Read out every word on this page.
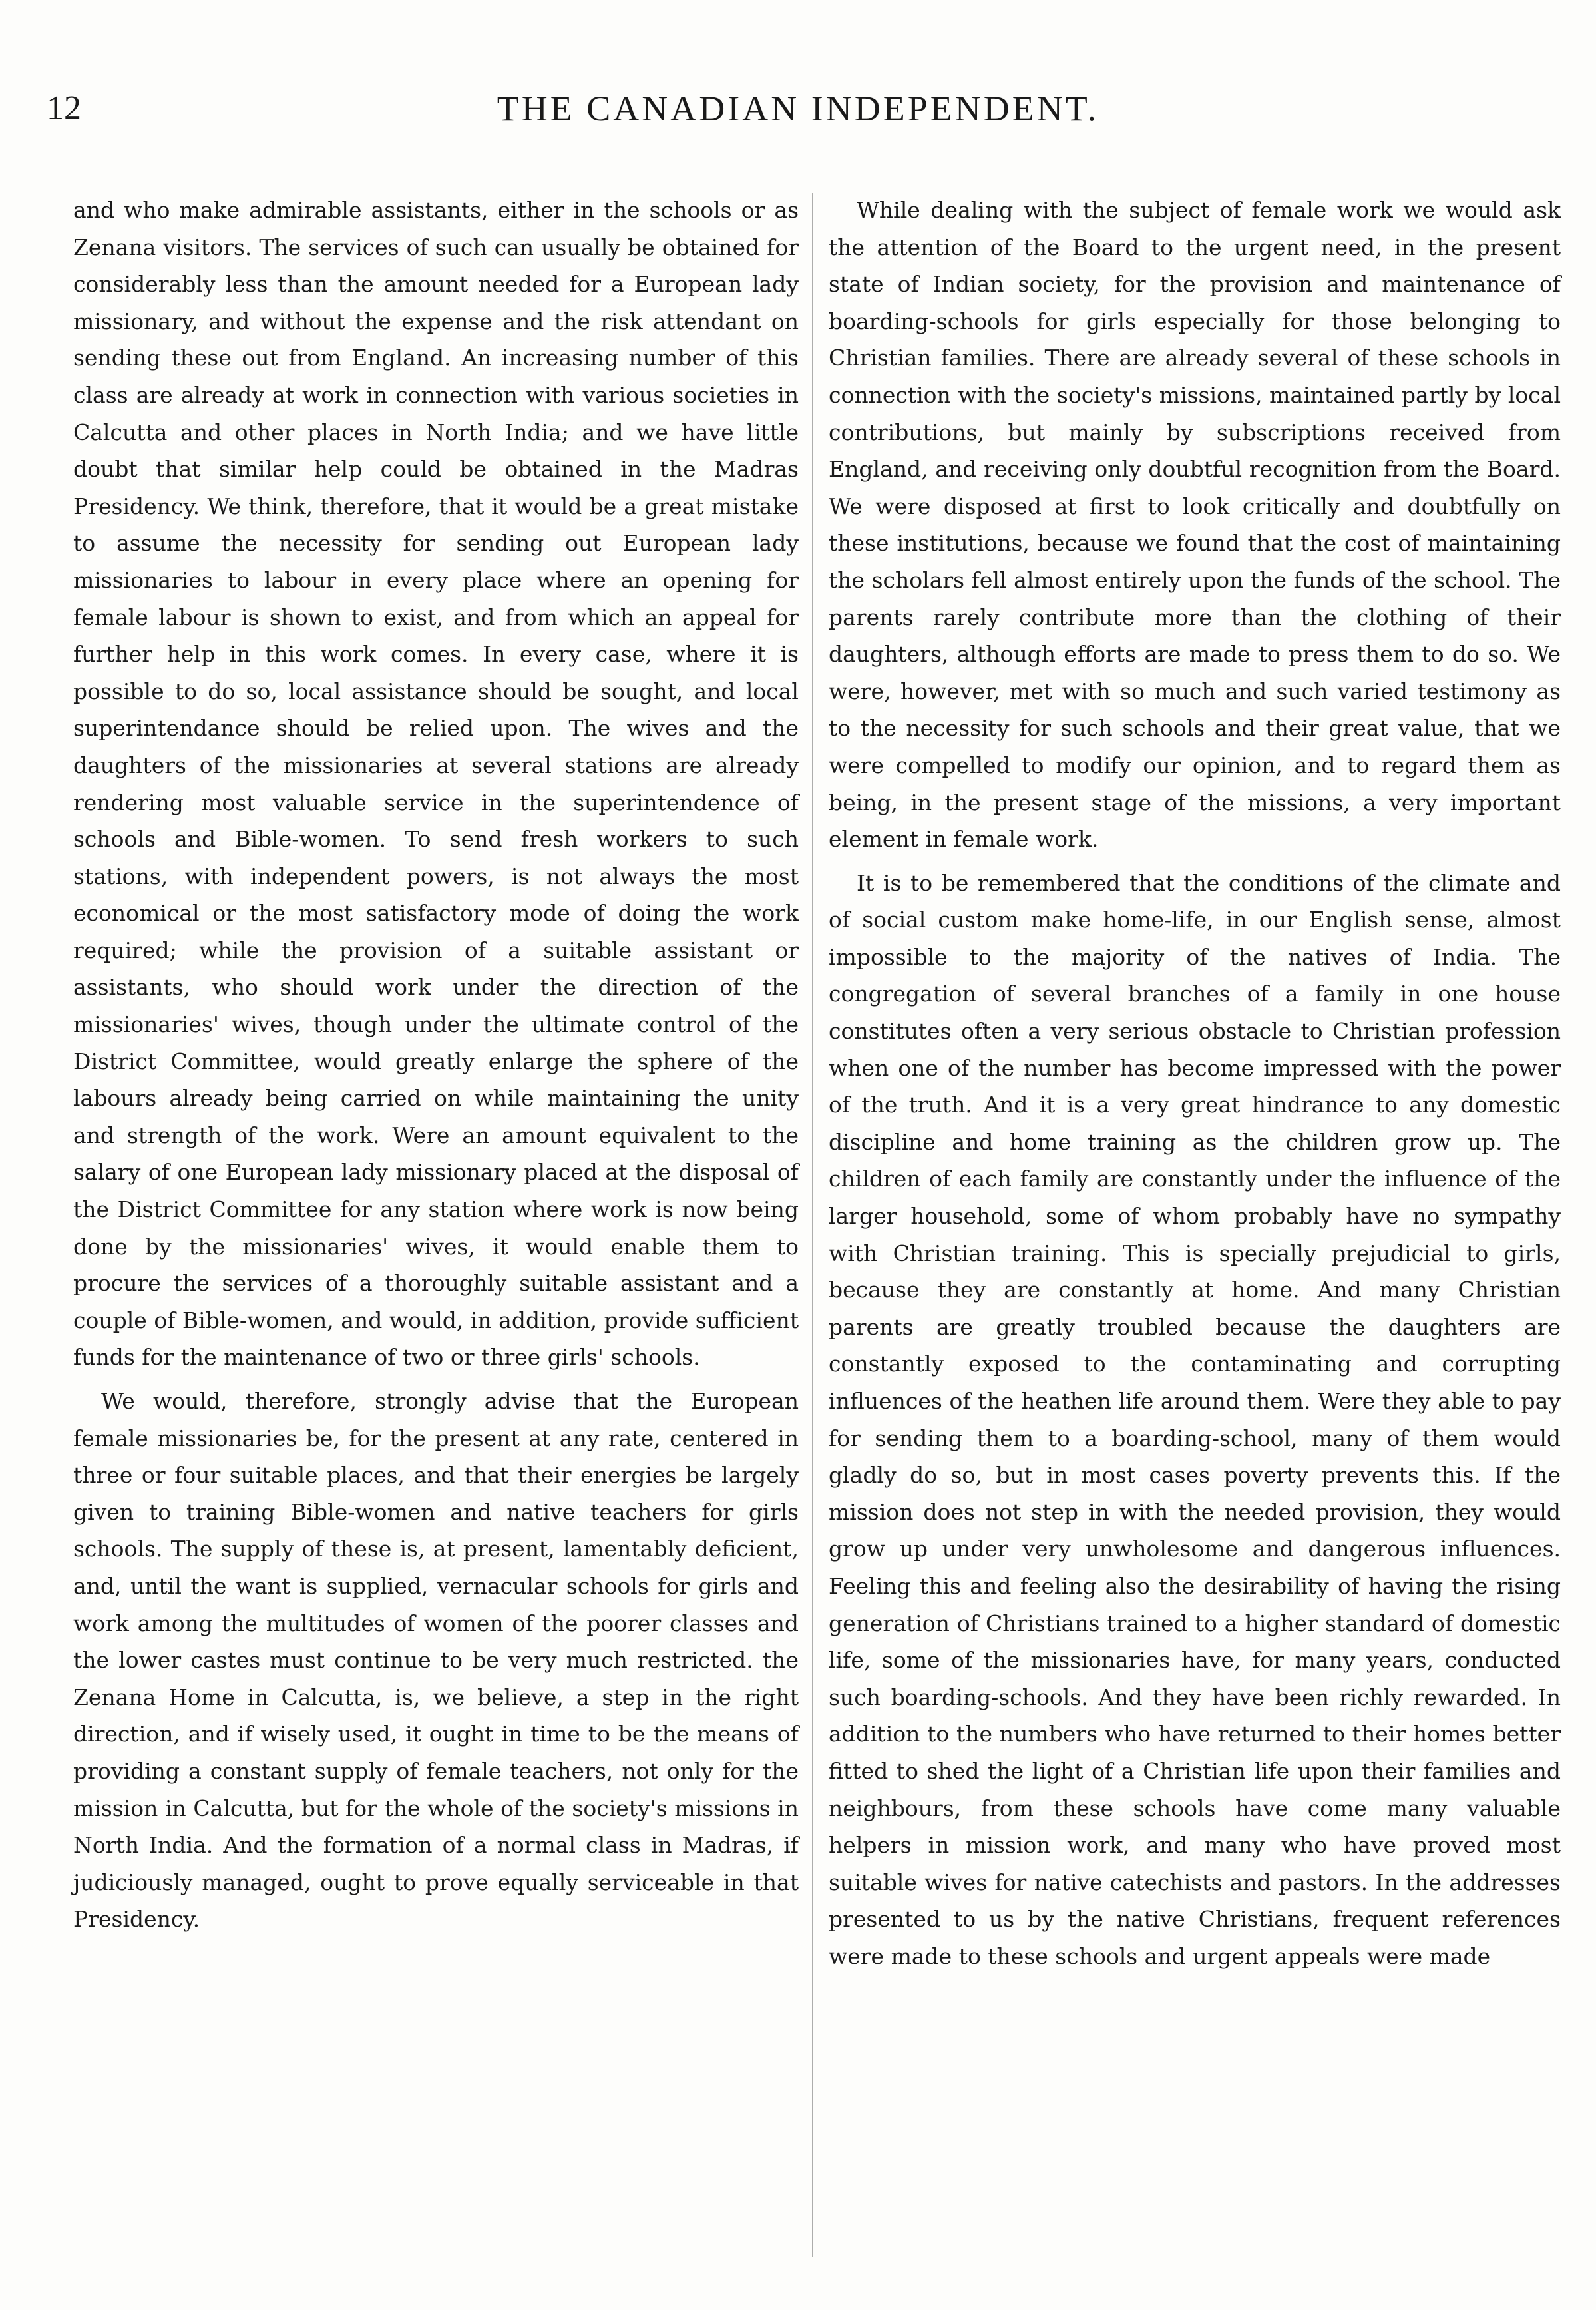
12	THE CANADIAN INDEPENDENT.

and who make admirable assistants, either in the schools or as Zenana visitors. The services of such can usually be obtained for considerably less than the amount needed for a European lady missionary, and without the expense and the risk attendant on sending these out from England. An increasing number of this class are already at work in connection with various societies in Calcutta and other places in North India; and we have little doubt that similar help could be obtained in the Madras Presidency. We think, therefore, that it would be a great mistake to assume the necessity for sending out European lady missionaries to labour in every place where an opening for female labour is shown to exist, and from which an appeal for further help in this work comes. In every case, where it is possible to do so, local assistance should be sought, and local superintendance should be relied upon. The wives and the daughters of the missionaries at several stations are already rendering most valuable service in the superintendence of schools and Bible-women. To send fresh workers to such stations, with independent powers, is not always the most economical or the most satisfactory mode of doing the work required; while the provision of a suitable assistant or assistants, who should work under the direction of the missionaries' wives, though under the ultimate control of the District Committee, would greatly enlarge the sphere of the labours already being carried on while maintaining the unity and strength of the work. Were an amount equivalent to the salary of one European lady missionary placed at the disposal of the District Committee for any station where work is now being done by the missionaries' wives, it would enable them to procure the services of a thoroughly suitable assistant and a couple of Bible-women, and would, in addition, provide sufficient funds for the maintenance of two or three girls' schools.

We would, therefore, strongly advise that the European female missionaries be, for the present at any rate, centered in three or four suitable places, and that their energies be largely given to training Bible-women and native teachers for girls schools. The supply of these is, at present, lamentably deficient, and, until the want is supplied, vernacular schools for girls and work among the multitudes of women of the poorer classes and the lower castes must continue to be very much restricted. the Zenana Home in Calcutta, is, we believe, a step in the right direction, and if wisely used, it ought in time to be the means of providing a constant supply of female teachers, not only for the mission in Calcutta, but for the whole of the society's missions in North India. And the formation of a normal class in Madras, if judiciously managed, ought to prove equally serviceable in that Presidency.

While dealing with the subject of female work we would ask the attention of the Board to the urgent need, in the present state of Indian society, for the provision and maintenance of boarding-schools for girls especially for those belonging to Christian families. There are already several of these schools in connection with the society's missions, maintained partly by local contributions, but mainly by subscriptions received from England, and receiving only doubtful recognition from the Board. We were disposed at first to look critically and doubtfully on these institutions, because we found that the cost of maintaining the scholars fell almost entirely upon the funds of the school. The parents rarely contribute more than the clothing of their daughters, although efforts are made to press them to do so. We were, however, met with so much and such varied testimony as to the necessity for such schools and their great value, that we were compelled to modify our opinion, and to regard them as being, in the present stage of the missions, a very important element in female work.

It is to be remembered that the conditions of the climate and of social custom make home-life, in our English sense, almost impossible to the majority of the natives of India. The congregation of several branches of a family in one house constitutes often a very serious obstacle to Christian profession when one of the number has become impressed with the power of the truth. And it is a very great hindrance to any domestic discipline and home training as the children grow up. The children of each family are constantly under the influence of the larger household, some of whom probably have no sympathy with Christian training. This is specially prejudicial to girls, because they are constantly at home. And many Christian parents are greatly troubled because the daughters are constantly exposed to the contaminating and corrupting influences of the heathen life around them. Were they able to pay for sending them to a boarding-school, many of them would gladly do so, but in most cases poverty prevents this. If the mission does not step in with the needed provision, they would grow up under very unwholesome and dangerous influences. Feeling this and feeling also the desirability of having the rising generation of Christians trained to a higher standard of domestic life, some of the missionaries have, for many years, conducted such boarding-schools. And they have been richly rewarded. In addition to the numbers who have returned to their homes better fitted to shed the light of a Christian life upon their families and neighbours, from these schools have come many valuable helpers in mission work, and many who have proved most suitable wives for native catechists and pastors. In the addresses presented to us by the native Christians, frequent references were made to these schools and urgent appeals were made
